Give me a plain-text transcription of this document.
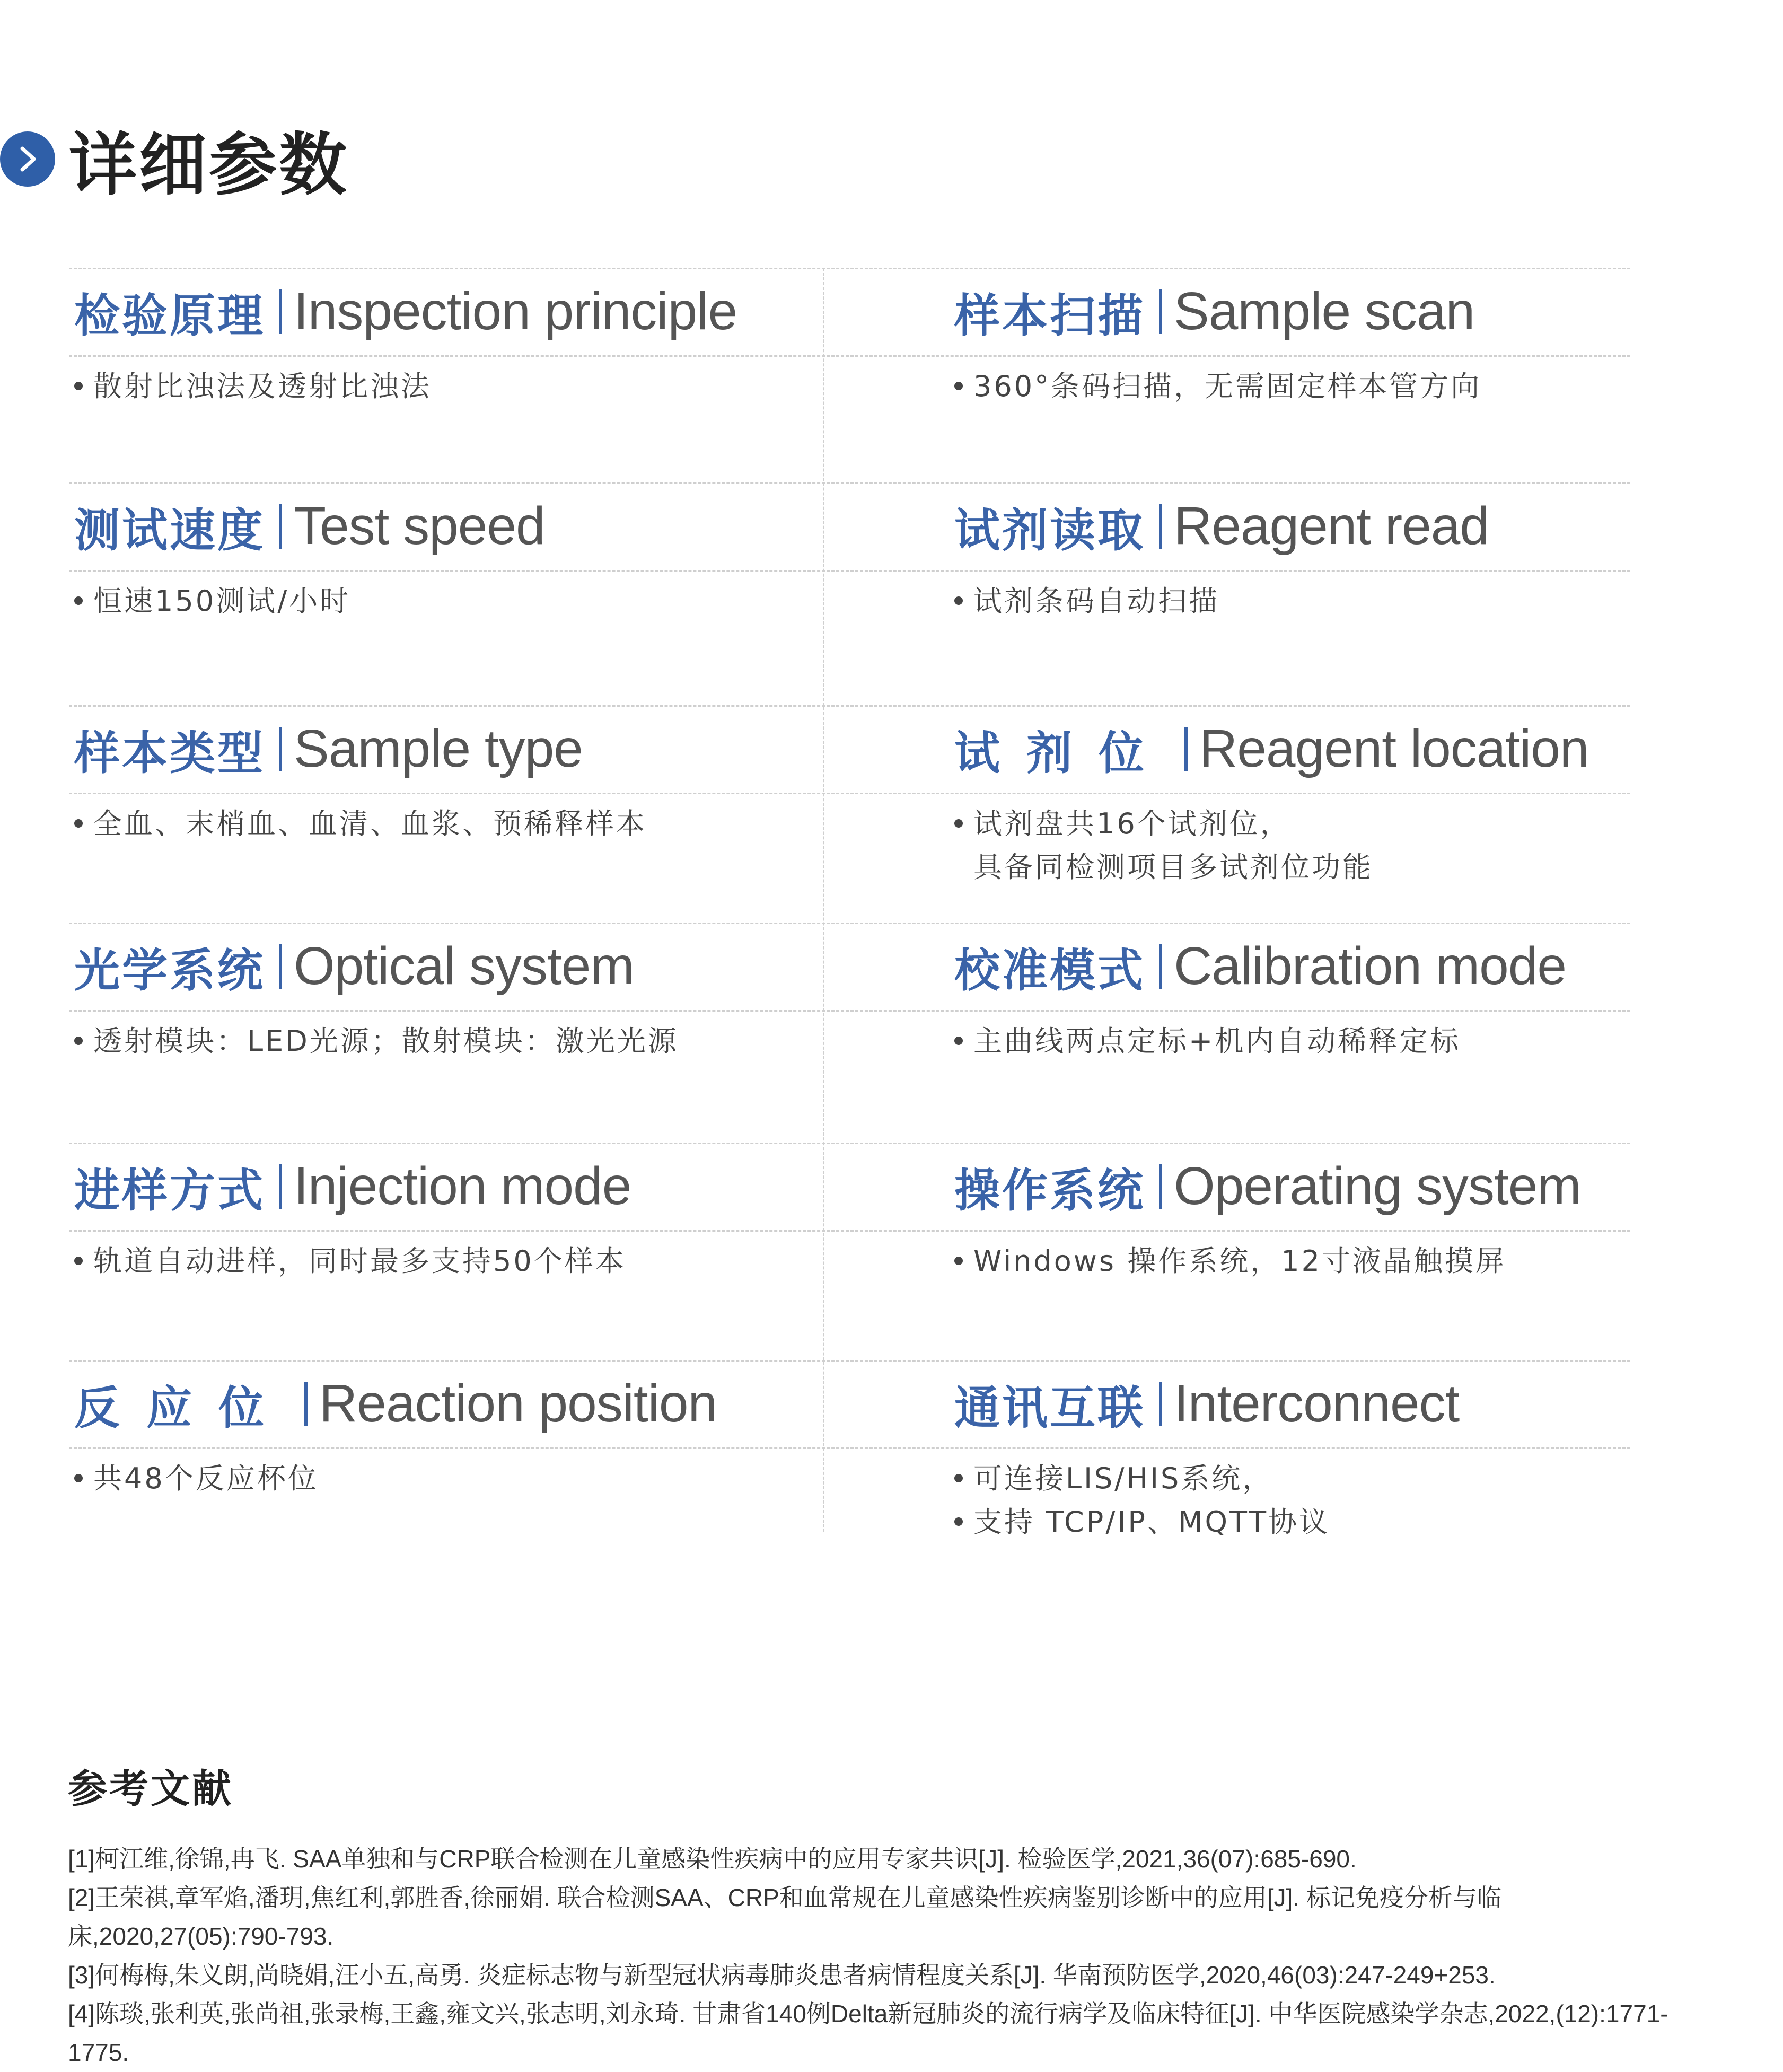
详细参数
检验原理 Inspection principle
散射比浊法及透射比浊法
样本扫描 Sample scan
360°条码扫描，无需固定样本管方向
测试速度 Test speed
恒速150测试/小时
试剂读取 Reagent read
试剂条码自动扫描
样本类型 Sample type
全血、末梢血、血清、血浆、预稀释样本
试剂位 Reagent location
试剂盘共16个试剂位，
具备同检测项目多试剂位功能
光学系统 Optical system
透射模块：LED光源；散射模块：激光光源
校准模式 Calibration mode
主曲线两点定标+机内自动稀释定标
进样方式 Injection mode
轨道自动进样，同时最多支持50个样本
操作系统 Operating system
Windows 操作系统，12寸液晶触摸屏
反应位 Reaction position
共48个反应杯位
通讯互联 Interconnect
可连接LIS/HIS系统，
支持 TCP/IP、MQTT协议
参考文献

[1]柯江维,徐锦,冉飞. SAA单独和与CRP联合检测在儿童感染性疾病中的应用专家共识[J]. 检验医学,2021,36(07):685-690.

[2]王荣祺,章军焰,潘玥,焦红利,郭胜香,徐丽娟. 联合检测SAA、CRP和血常规在儿童感染性疾病鉴别诊断中的应用[J]. 标记免疫分析与临床,2020,27(05):790-793.

[3]何梅梅,朱义朗,尚晓娟,汪小五,高勇. 炎症标志物与新型冠状病毒肺炎患者病情程度关系[J]. 华南预防医学,2020,46(03):247-249+253.

[4]陈琰,张利英,张尚祖,张录梅,王鑫,雍文兴,张志明,刘永琦. 甘肃省140例Delta新冠肺炎的流行病学及临床特征[J]. 中华医院感染学杂志,2022,(12):1771-1775.
